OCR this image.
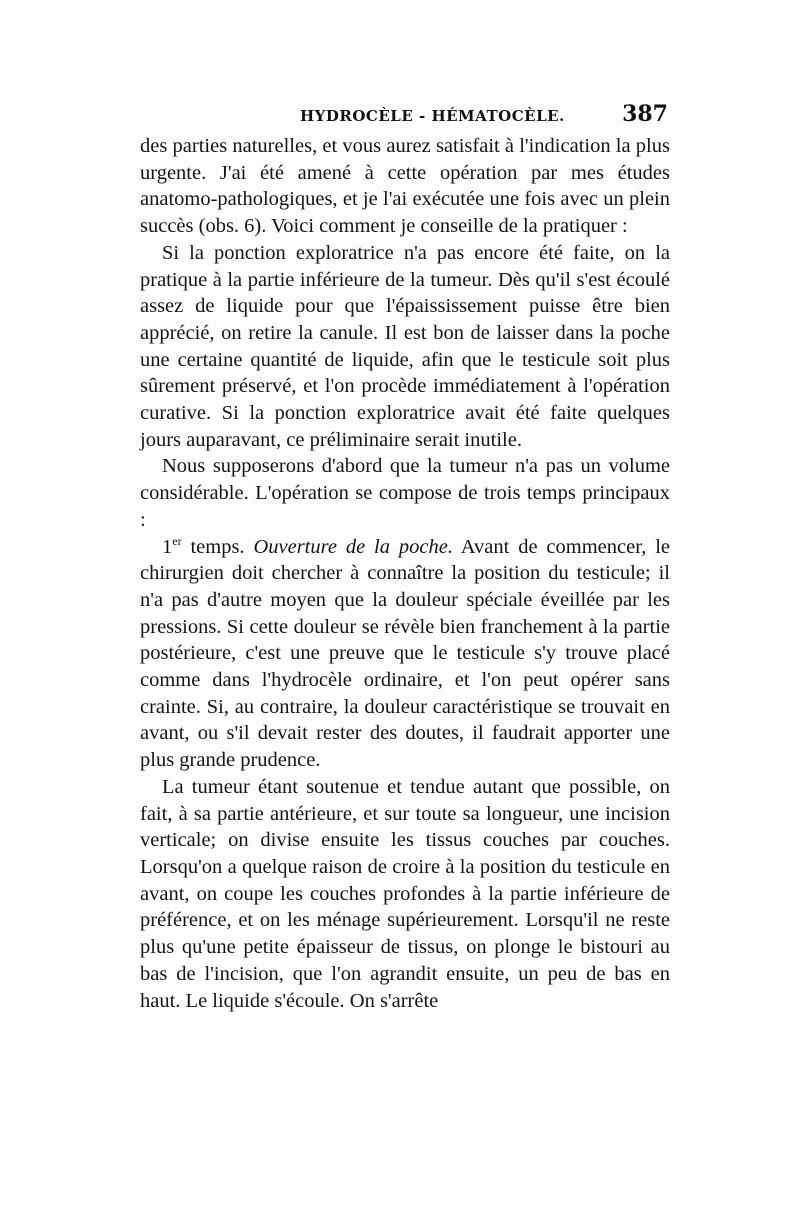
HYDROCÈLE - HÉMATOCÈLE.	387

des parties naturelles, et vous aurez satisfait à l'indication la plus urgente. J'ai été amené à cette opération par mes études anatomo-pathologiques, et je l'ai exécutée une fois avec un plein succès (obs. 6). Voici comment je conseille de la pratiquer :

Si la ponction exploratrice n'a pas encore été faite, on la pratique à la partie inférieure de la tumeur. Dès qu'il s'est écoulé assez de liquide pour que l'épaississement puisse être bien apprécié, on retire la canule. Il est bon de laisser dans la poche une certaine quantité de liquide, afin que le testicule soit plus sûrement préservé, et l'on procède immédiatement à l'opération curative. Si la ponction exploratrice avait été faite quelques jours auparavant, ce préliminaire serait inutile.

Nous supposerons d'abord que la tumeur n'a pas un volume considérable. L'opération se compose de trois temps principaux :

1er temps. Ouverture de la poche. Avant de commencer, le chirurgien doit chercher à connaître la position du testicule; il n'a pas d'autre moyen que la douleur spéciale éveillée par les pressions. Si cette douleur se révèle bien franchement à la partie postérieure, c'est une preuve que le testicule s'y trouve placé comme dans l'hydrocèle ordinaire, et l'on peut opérer sans crainte. Si, au contraire, la douleur caractéristique se trouvait en avant, ou s'il devait rester des doutes, il faudrait apporter une plus grande prudence.

La tumeur étant soutenue et tendue autant que possible, on fait, à sa partie antérieure, et sur toute sa longueur, une incision verticale; on divise ensuite les tissus couches par couches. Lorsqu'on a quelque raison de croire à la position du testicule en avant, on coupe les couches profondes à la partie inférieure de préférence, et on les ménage supérieurement. Lorsqu'il ne reste plus qu'une petite épaisseur de tissus, on plonge le bistouri au bas de l'incision, que l'on agrandit ensuite, un peu de bas en haut. Le liquide s'écoule. On s'arrête
